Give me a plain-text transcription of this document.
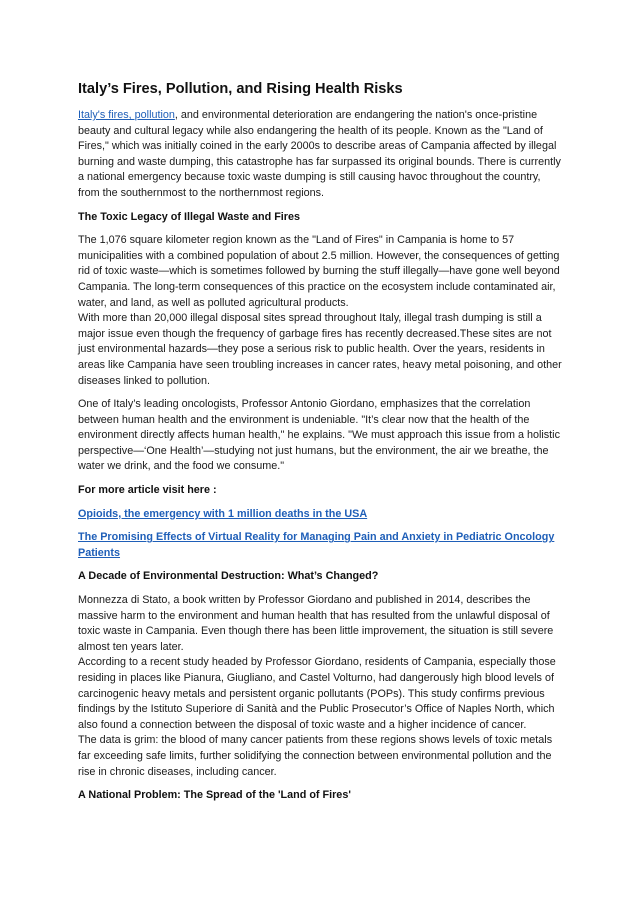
Italy’s Fires, Pollution, and Rising Health Risks

Italy's fires, pollution, and environmental deterioration are endangering the nation's once-pristine beauty and cultural legacy while also endangering the health of its people. Known as the "Land of Fires," which was initially coined in the early 2000s to describe areas of Campania affected by illegal burning and waste dumping, this catastrophe has far surpassed its original bounds. There is currently a national emergency because toxic waste dumping is still causing havoc throughout the country, from the southernmost to the northernmost regions.

The Toxic Legacy of Illegal Waste and Fires

The 1,076 square kilometer region known as the "Land of Fires" in Campania is home to 57 municipalities with a combined population of about 2.5 million. However, the consequences of getting rid of toxic waste—which is sometimes followed by burning the stuff illegally—have gone well beyond Campania. The long-term consequences of this practice on the ecosystem include contaminated air, water, and land, as well as polluted agricultural products.

With more than 20,000 illegal disposal sites spread throughout Italy, illegal trash dumping is still a major issue even though the frequency of garbage fires has recently decreased.These sites are not just environmental hazards—they pose a serious risk to public health. Over the years, residents in areas like Campania have seen troubling increases in cancer rates, heavy metal poisoning, and other diseases linked to pollution.

One of Italy’s leading oncologists, Professor Antonio Giordano, emphasizes that the correlation between human health and the environment is undeniable. "It’s clear now that the health of the environment directly affects human health," he explains. "We must approach this issue from a holistic perspective—‘One Health’—studying not just humans, but the environment, the air we breathe, the water we drink, and the food we consume."

For more article visit here :
Opioids, the emergency with 1 million deaths in the USA
The Promising Effects of Virtual Reality for Managing Pain and Anxiety in Pediatric Oncology Patients
A Decade of Environmental Destruction: What’s Changed?

Monnezza di Stato, a book written by Professor Giordano and published in 2014, describes the massive harm to the environment and human health that has resulted from the unlawful disposal of toxic waste in Campania. Even though there has been little improvement, the situation is still severe almost ten years later.

According to a recent study headed by Professor Giordano, residents of Campania, especially those residing in places like Pianura, Giugliano, and Castel Volturno, had dangerously high blood levels of carcinogenic heavy metals and persistent organic pollutants (POPs). This study confirms previous findings by the Istituto Superiore di Sanità and the Public Prosecutor’s Office of Naples North, which also found a connection between the disposal of toxic waste and a higher incidence of cancer.

The data is grim: the blood of many cancer patients from these regions shows levels of toxic metals far exceeding safe limits, further solidifying the connection between environmental pollution and the rise in chronic diseases, including cancer.

A National Problem: The Spread of the 'Land of Fires'
